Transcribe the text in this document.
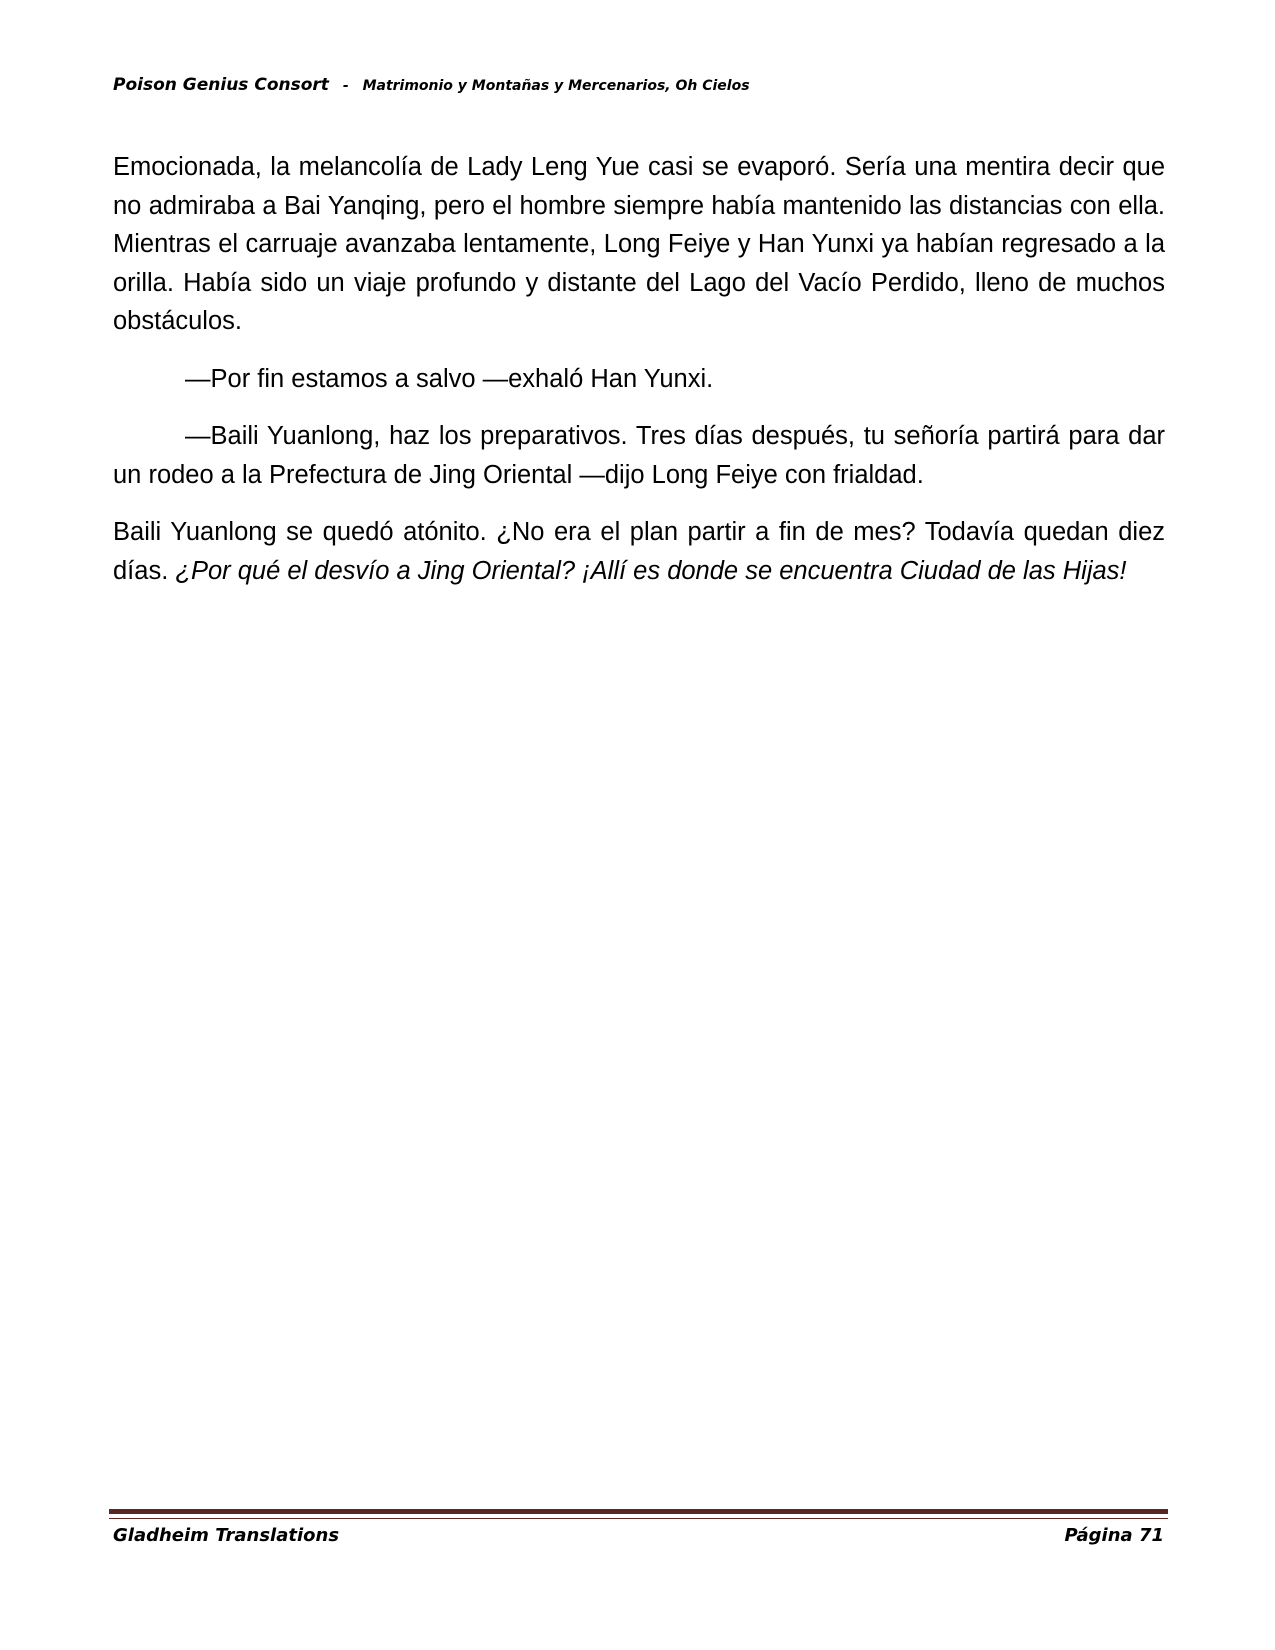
Poison Genius Consort - Matrimonio y Montañas y Mercenarios, Oh Cielos

Emocionada, la melancolía de Lady Leng Yue casi se evaporó. Sería una mentira decir que no admiraba a Bai Yanqing, pero el hombre siempre había mantenido las distancias con ella. Mientras el carruaje avanzaba lentamente, Long Feiye y Han Yunxi ya habían regresado a la orilla. Había sido un viaje profundo y distante del Lago del Vacío Perdido, lleno de muchos obstáculos.

—Por fin estamos a salvo —exhaló Han Yunxi.

—Baili Yuanlong, haz los preparativos. Tres días después, tu señoría partirá para dar un rodeo a la Prefectura de Jing Oriental —dijo Long Feiye con frialdad.

Baili Yuanlong se quedó atónito. ¿No era el plan partir a fin de mes? Todavía quedan diez días. ¿Por qué el desvío a Jing Oriental? ¡Allí es donde se encuentra Ciudad de las Hijas!

Gladheim Translations	Página 71
